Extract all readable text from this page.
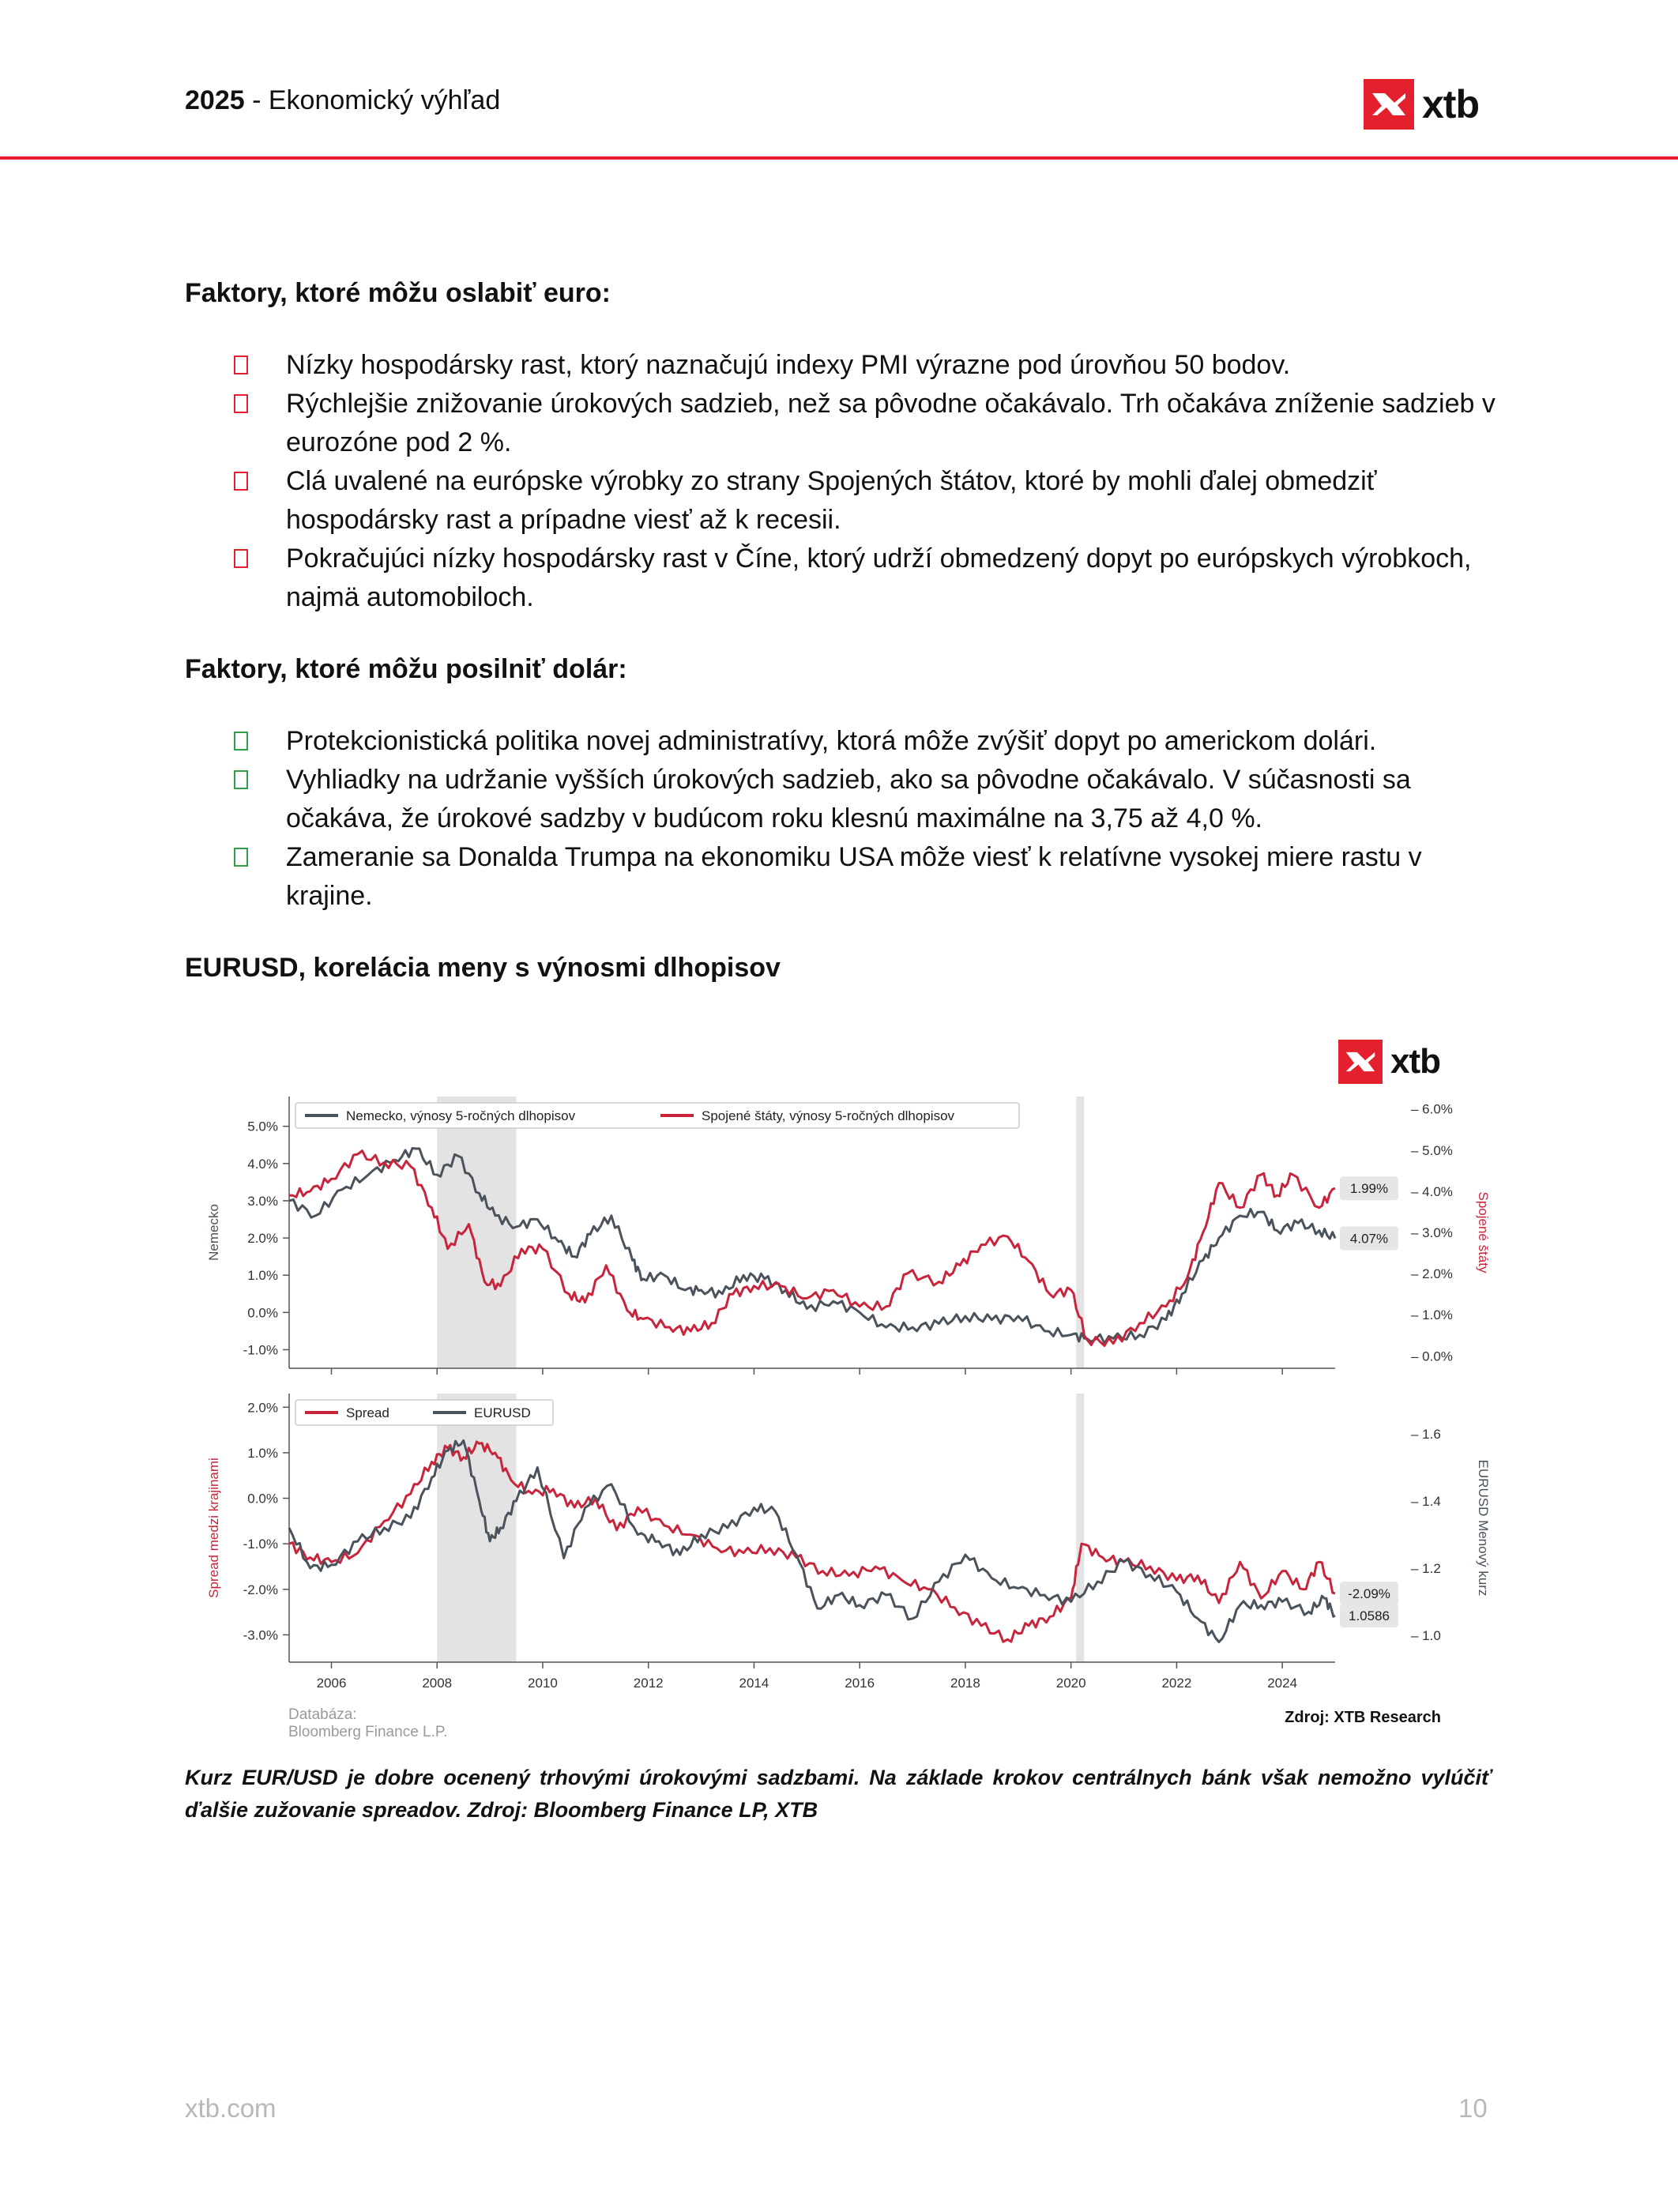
2025 - Ekonomický výhľad	xtb
Faktory, ktoré môžu oslabiť euro:
Nízky hospodársky rast, ktorý naznačujú indexy PMI výrazne pod úrovňou 50 bodov.
Rýchlejšie znižovanie úrokových sadzieb, než sa pôvodne očakávalo. Trh očakáva zníženie sadzieb v eurozóne pod 2 %.
Clá uvalené na európske výrobky zo strany Spojených štátov, ktoré by mohli ďalej obmedziť hospodársky rast a prípadne viesť až k recesii.
Pokračujúci nízky hospodársky rast v Číne, ktorý udrží obmedzený dopyt po európskych výrobkoch, najmä automobiloch.
Faktory, ktoré môžu posilniť dolár:
Protekcionistická politika novej administratívy, ktorá môže zvýšiť dopyt po americkom dolári.
Vyhliadky na udržanie vyšších úrokových sadzieb, ako sa pôvodne očakávalo. V súčasnosti sa očakáva, že úrokové sadzby v budúcom roku klesnú maximálne na 3,75 až 4,0 %.
Zameranie sa Donalda Trumpa na ekonomiku USA môže viesť k relatívne vysokej miere rastu v krajine.
EURUSD, korelácia meny s výnosmi dlhopisov
xtb
-1.0%
0.0%
1.0%
2.0%
3.0%
4.0%
5.0%
– 0.0%
– 1.0%
– 2.0%
– 3.0%
– 4.0%
– 5.0%
– 6.0%
Nemecko	Spojené štáty
4.07%
1.99%
Nemecko, výnosy 5-ročných dlhopisov	Spojené štáty, výnosy 5-ročných dlhopisov
-3.0%
-2.0%
-1.0%
0.0%
1.0%
2.0%
– 1.0
– 1.2
– 1.4
– 1.6
Spread medzi krajinami	EURUSD Menový kurz
-2.09%
1.0586
Spread	EURUSD
2006	2008	2010	2012	2014	2016	2018	2020	2022	2024
Databáza:
Bloomberg Finance L.P.
Zdroj: XTB Research
Kurz EUR/USD je dobre ocenený trhovými úrokovými sadzbami. Na základe krokov centrálnych bánk však nemožno vylúčiť ďalšie zužovanie spreadov. Zdroj: Bloomberg Finance LP, XTB
xtb.com	10
